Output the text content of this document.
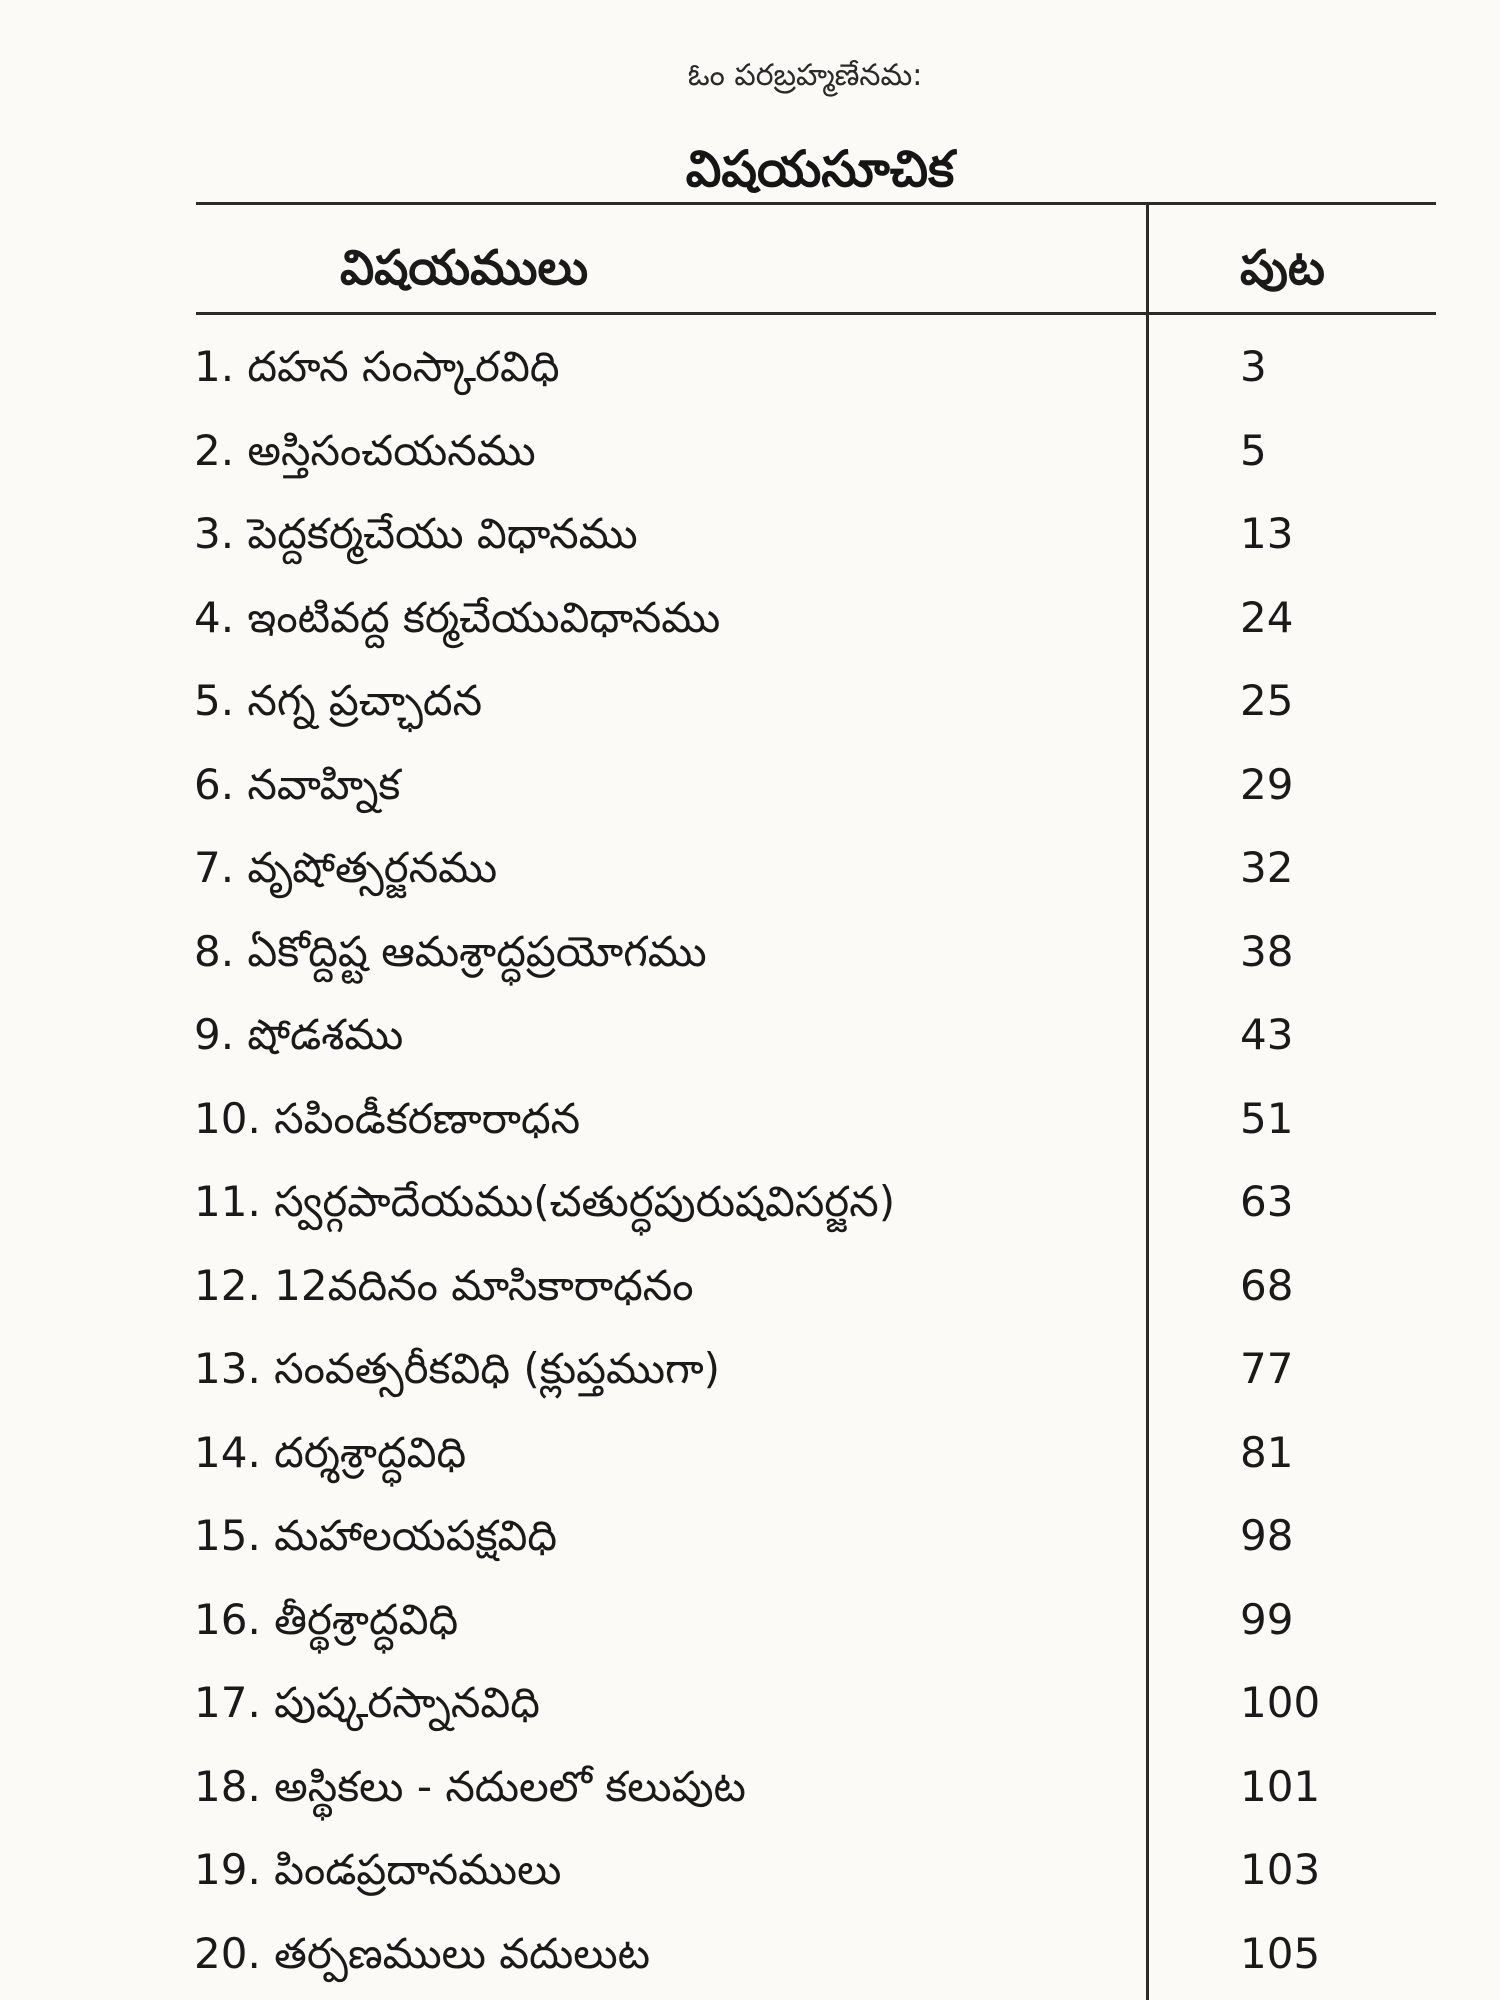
ఓం పరబ్రహ్మణేనమ:
విషయసూచిక
విషయములు	పుట
1. దహన సంస్కారవిధి	3
2. అస్తిసంచయనము	5
3. పెద్దకర్మచేయు విధానము	13
4. ఇంటివద్ద కర్మచేయువిధానము	24
5. నగ్న ప్రచ్ఛాదన	25
6. నవాహ్నిక	29
7. వృషోత్సర్జనము	32
8. ఏకోద్దిష్ట ఆమశ్రాద్ధప్రయోగము	38
9. షోడశము	43
10. సపిండీకరణారాధన	51
11. స్వర్గపాదేయము(చతుర్ధపురుషవిసర్జన)	63
12. 12వదినం మాసికారాధనం	68
13. సంవత్సరీకవిధి (క్లుప్తముగా)	77
14. దర్శశ్రాద్ధవిధి	81
15. మహాలయపక్షవిధి	98
16. తీర్థశ్రాద్ధవిధి	99
17. పుష్కరస్నానవిధి	100
18. అస్థికలు - నదులలో కలుపుట	101
19. పిండప్రదానములు	103
20. తర్పణములు వదులుట	105
